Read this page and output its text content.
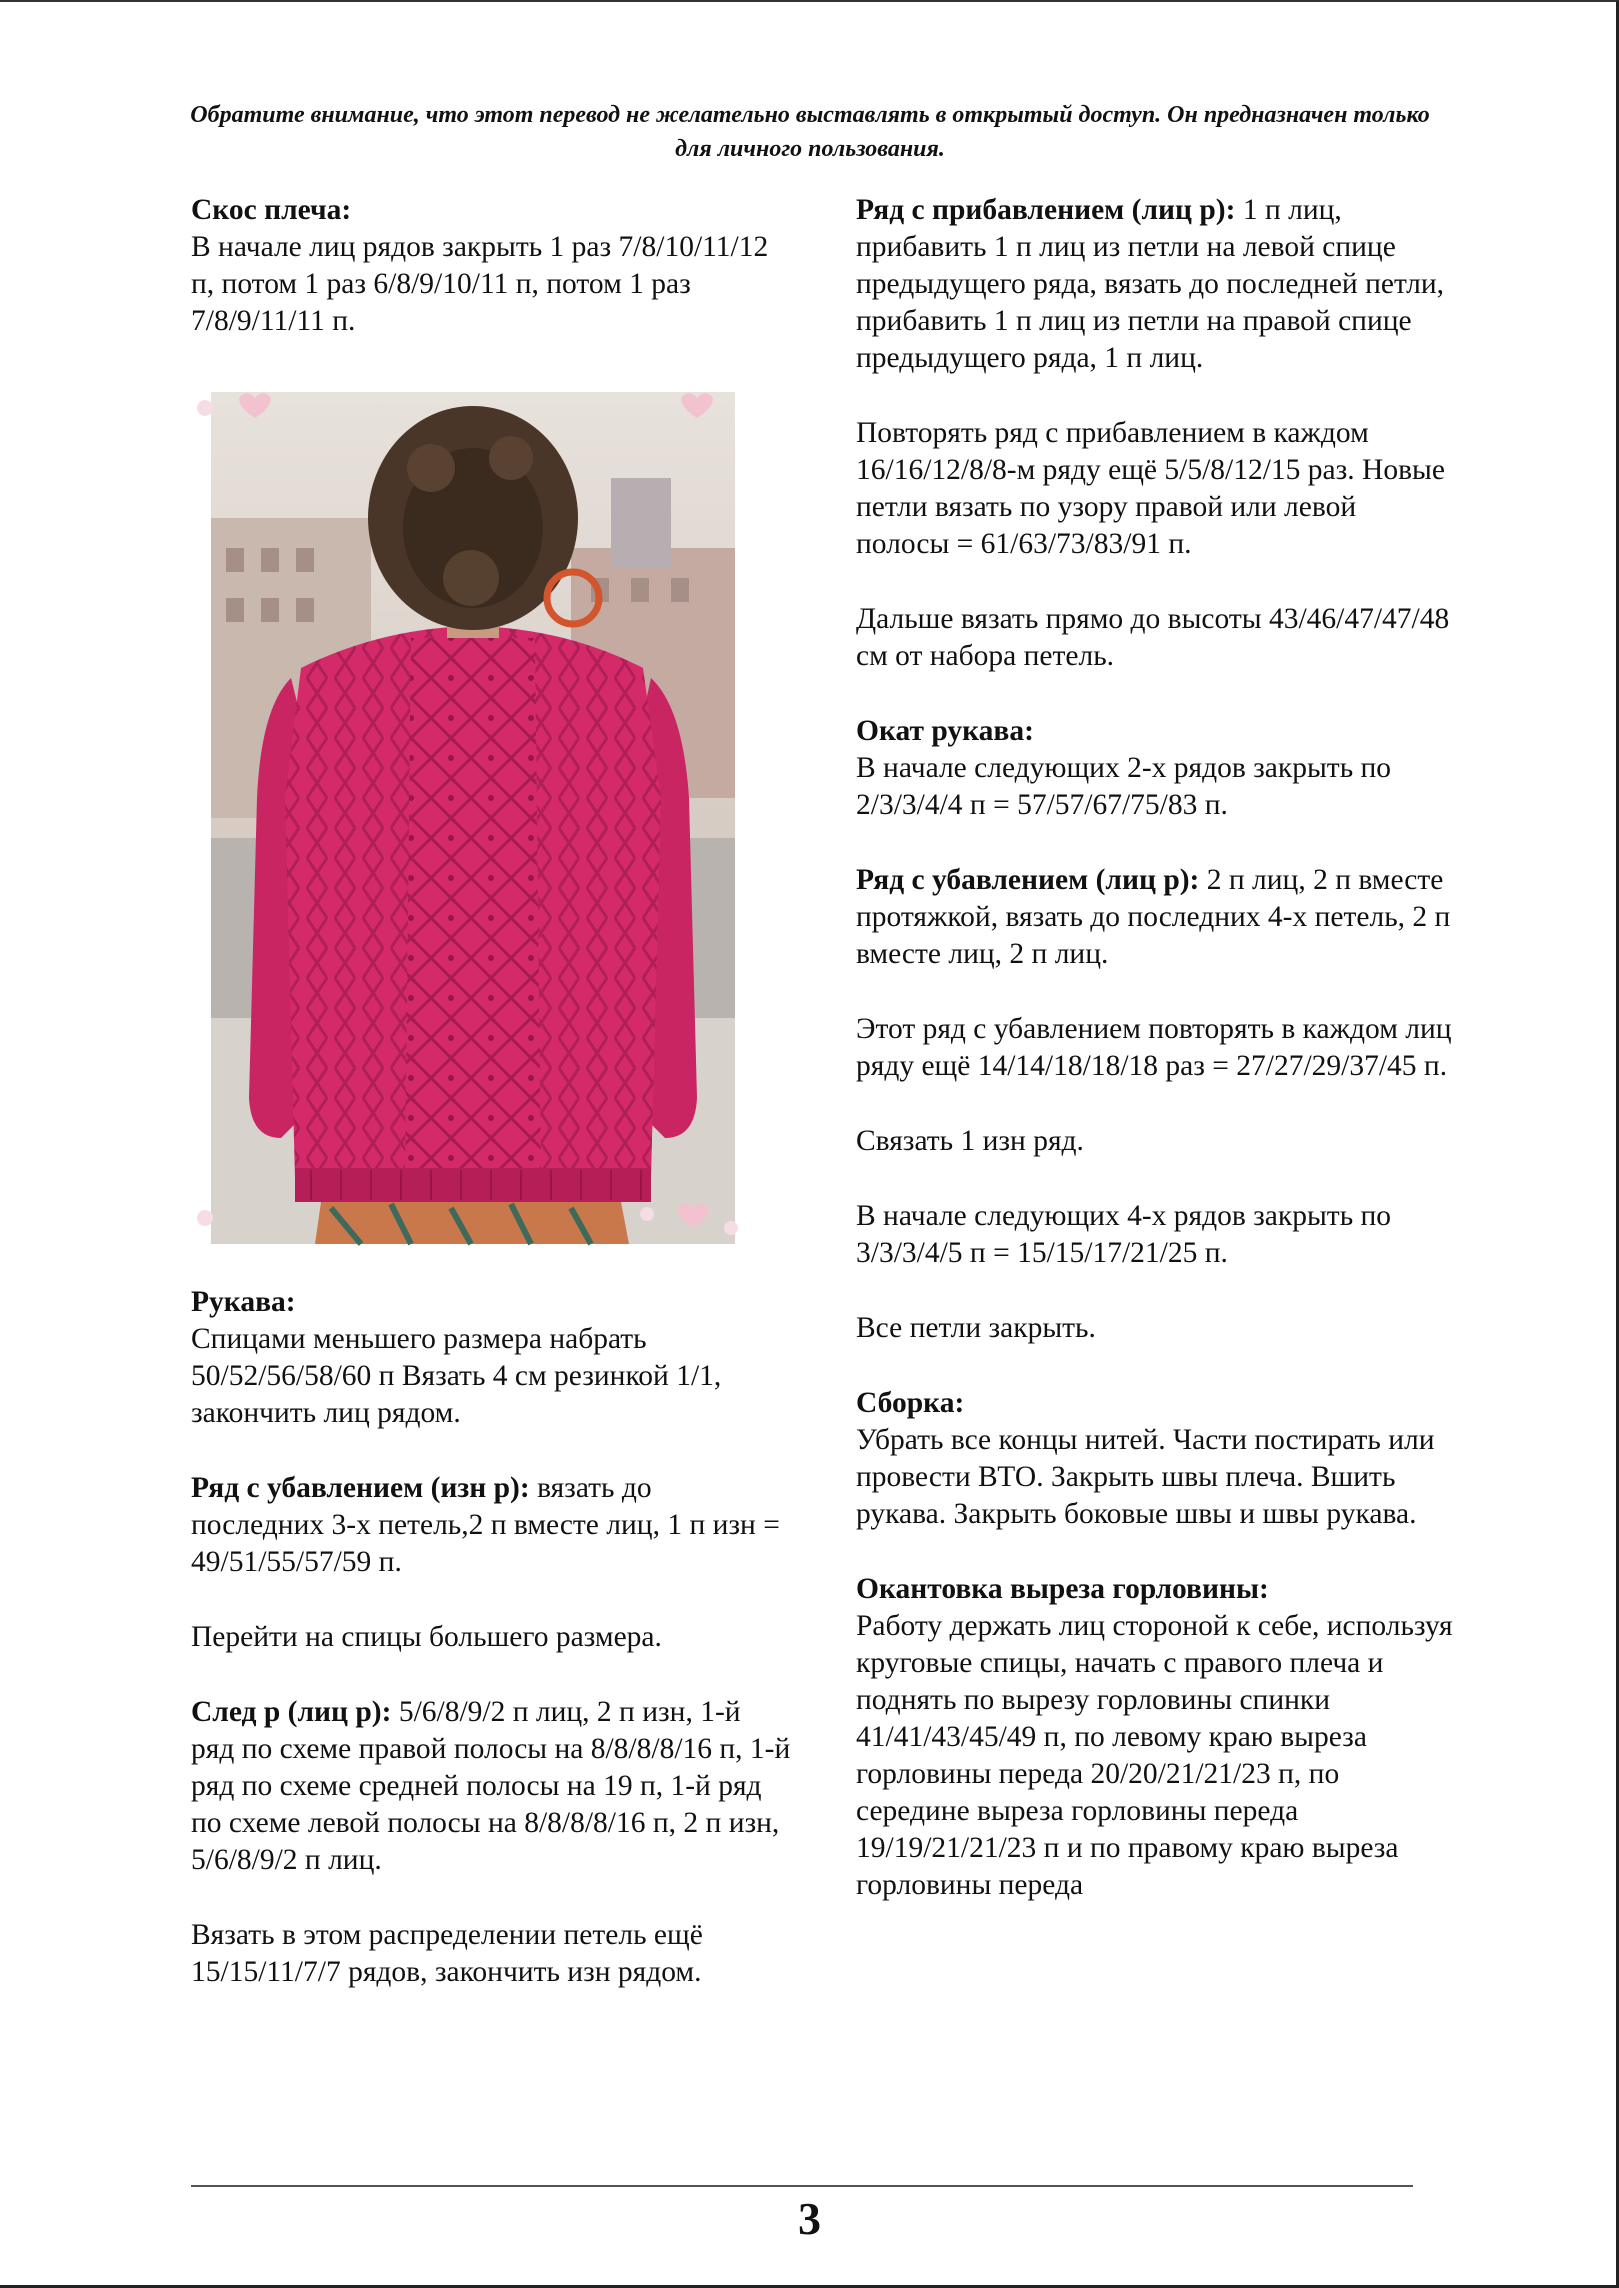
Обратите внимание, что этот перевод не желательно выставлять в открытый доступ. Он предназначен только для личного пользования.

Скос плеча:

В начале лиц рядов закрыть 1 раз 7/8/10/11/12 п, потом 1 раз 6/8/9/10/11 п, потом 1 раз 7/8/9/11/11 п.

Рукава:

Спицами меньшего размера набрать 50/52/56/58/60 п Вязать 4 см резинкой 1/1, закончить лиц рядом.

Ряд с убавлением (изн р): вязать до последних 3-х петель,2 п вместе лиц, 1 п изн = 49/51/55/57/59 п.

Перейти на спицы большего размера.

След р (лиц р): 5/6/8/9/2 п лиц, 2 п изн, 1-й ряд по схеме правой полосы на 8/8/8/8/16 п, 1-й ряд по схеме средней полосы на 19 п, 1-й ряд по схеме левой полосы на 8/8/8/8/16 п, 2 п изн, 5/6/8/9/2 п лиц.

Вязать в этом распределении петель ещё 15/15/11/7/7 рядов, закончить изн рядом.

Ряд с прибавлением (лиц р): 1 п лиц, прибавить 1 п лиц из петли на левой спице предыдущего ряда, вязать до последней петли, прибавить 1 п лиц из петли на правой спице предыдущего ряда, 1 п лиц.

Повторять ряд с прибавлением в каждом 16/16/12/8/8-м ряду ещё 5/5/8/12/15 раз. Новые петли вязать по узору правой или левой полосы = 61/63/73/83/91 п.

Дальше вязать прямо до высоты 43/46/47/47/48 см от набора петель.

Окат рукава:

В начале следующих 2-х рядов закрыть по 2/3/3/4/4 п = 57/57/67/75/83 п.

Ряд с убавлением (лиц р): 2 п лиц, 2 п вместе протяжкой, вязать до последних 4-х петель, 2 п вместе лиц, 2 п лиц.

Этот ряд с убавлением повторять в каждом лиц ряду ещё 14/14/18/18/18 раз = 27/27/29/37/45 п.

Связать 1 изн ряд.

В начале следующих 4-х рядов закрыть по 3/3/3/4/5 п = 15/15/17/21/25 п.

Все петли закрыть.

Сборка:

Убрать все концы нитей. Части постирать или провести ВТО. Закрыть швы плеча. Вшить рукава. Закрыть боковые швы и швы рукава.

Окантовка выреза горловины:

Работу держать лиц стороной к себе, используя круговые спицы, начать с правого плеча и поднять по вырезу горловины спинки 41/41/43/45/49 п, по левому краю выреза горловины переда 20/20/21/21/23 п, по середине выреза горловины переда 19/19/21/21/23 п и по правому краю выреза горловины переда

3
